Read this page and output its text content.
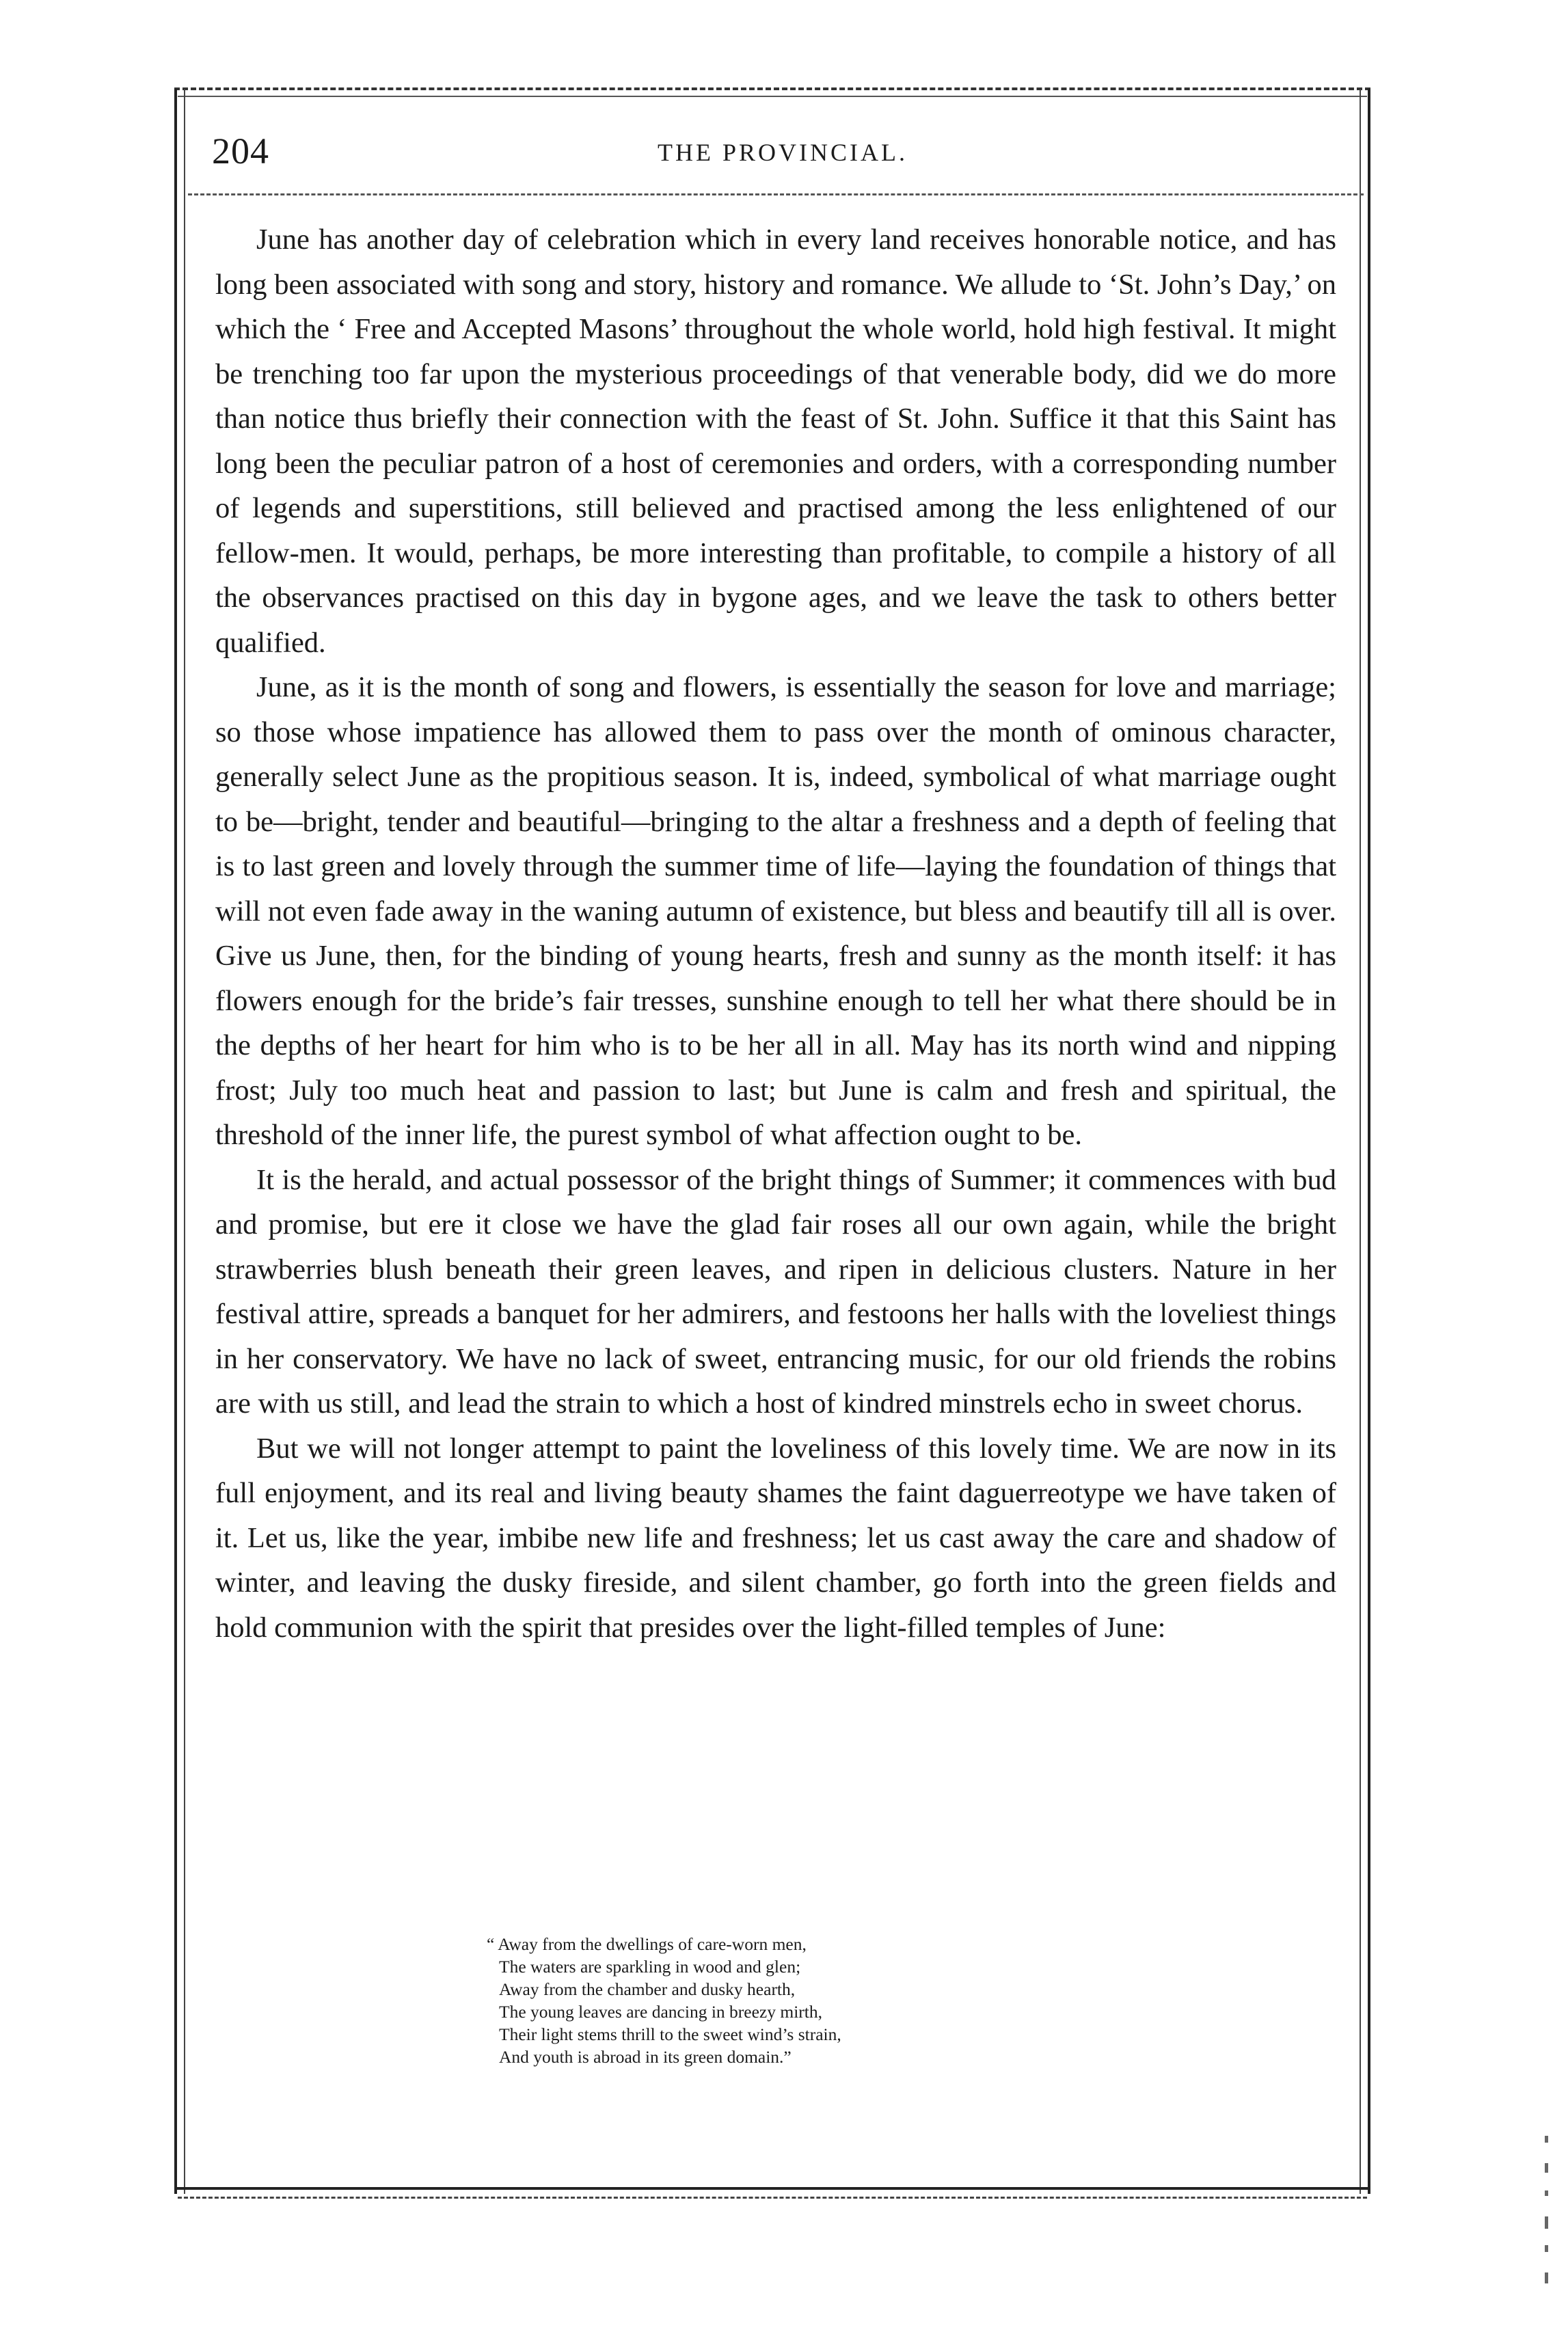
204	THE PROVINCIAL.

June has another day of celebration which in every land receives honorable notice, and has long been associated with song and story, history and romance. We allude to ‘St. John’s Day,’ on which the ‘ Free and Accepted Masons’ throughout the whole world, hold high festival. It might be trenching too far upon the mysterious proceedings of that venerable body, did we do more than notice thus briefly their connection with the feast of St. John. Suffice it that this Saint has long been the peculiar patron of a host of ceremonies and orders, with a corresponding number of legends and superstitions, still believed and practised among the less enlightened of our fellow-men. It would, perhaps, be more interesting than profitable, to compile a history of all the observances practised on this day in bygone ages, and we leave the task to others better qualified.

June, as it is the month of song and flowers, is essentially the season for love and marriage; so those whose impatience has allowed them to pass over the month of ominous character, generally select June as the propitious season. It is, indeed, symbolical of what marriage ought to be—bright, tender and beautiful—bringing to the altar a freshness and a depth of feeling that is to last green and lovely through the summer time of life—laying the foundation of things that will not even fade away in the waning autumn of existence, but bless and beautify till all is over. Give us June, then, for the binding of young hearts, fresh and sunny as the month itself: it has flowers enough for the bride’s fair tresses, sunshine enough to tell her what there should be in the depths of her heart for him who is to be her all in all. May has its north wind and nipping frost; July too much heat and passion to last; but June is calm and fresh and spiritual, the threshold of the inner life, the purest symbol of what affection ought to be.

It is the herald, and actual possessor of the bright things of Summer; it commences with bud and promise, but ere it close we have the glad fair roses all our own again, while the bright strawberries blush beneath their green leaves, and ripen in delicious clusters. Nature in her festival attire, spreads a banquet for her admirers, and festoons her halls with the loveliest things in her conservatory. We have no lack of sweet, entrancing music, for our old friends the robins are with us still, and lead the strain to which a host of kindred minstrels echo in sweet chorus.

But we will not longer attempt to paint the loveliness of this lovely time. We are now in its full enjoyment, and its real and living beauty shames the faint daguerreotype we have taken of it. Let us, like the year, imbibe new life and freshness; let us cast away the care and shadow of winter, and leaving the dusky fireside, and silent chamber, go forth into the green fields and hold communion with the spirit that presides over the light-filled temples of June:

“ Away from the dwellings of care-worn men,
The waters are sparkling in wood and glen;
Away from the chamber and dusky hearth,
The young leaves are dancing in breezy mirth,
Their light stems thrill to the sweet wind’s strain,
And youth is abroad in its green domain.”
